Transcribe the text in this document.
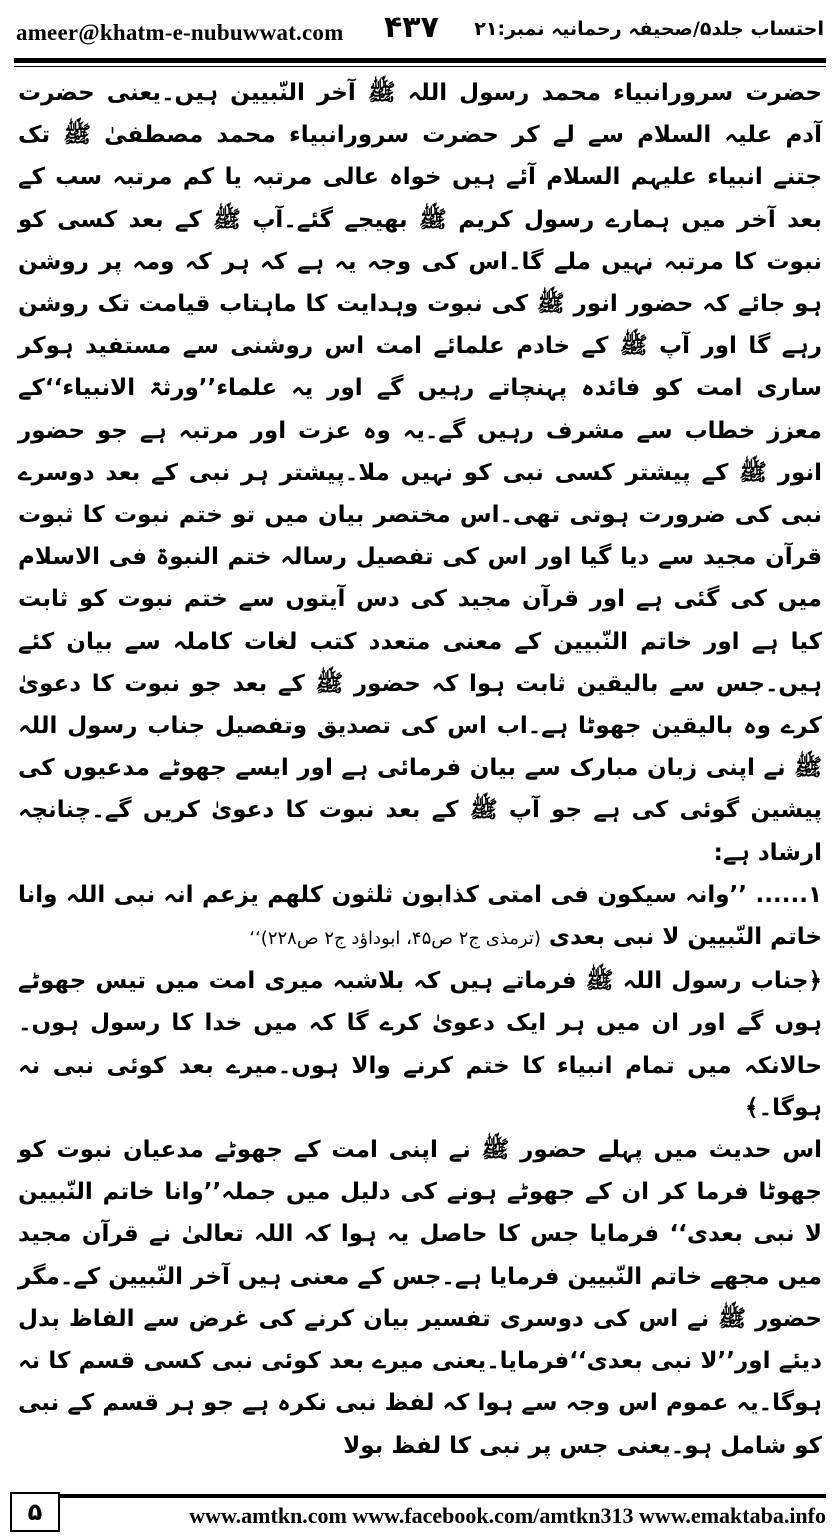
ameer@khatm-e-nubuwwat.com ۴۳۷ احتساب جلد۵/صحیفہ رحمانیہ نمبر:۲۱

حضرت سرورانبیاء محمد رسول اللہ ﷺ آخر النّبیین ہیں۔یعنی حضرت آدم علیہ السلام سے لے کر حضرت سرورانبیاء محمد مصطفیٰ ﷺ تک جتنے انبیاء علیہم السلام آئے ہیں خواہ عالی مرتبہ یا کم مرتبہ سب کے بعد آخر میں ہمارے رسول کریم ﷺ بھیجے گئے۔آپ ﷺ کے بعد کسی کو نبوت کا مرتبہ نہیں ملے گا۔اس کی وجہ یہ ہے کہ ہر کہ ومہ پر روشن ہو جائے کہ حضور انور ﷺ کی نبوت وہدایت کا ماہتاب قیامت تک روشن رہے گا اور آپ ﷺ کے خادم علمائے امت اس روشنی سے مستفید ہوکر ساری امت کو فائدہ پہنچاتے رہیں گے اور یہ علماء’’ورثۃ الانبیاء‘‘کے معزز خطاب سے مشرف رہیں گے۔یہ وہ عزت اور مرتبہ ہے جو حضور انور ﷺ کے پیشتر کسی نبی کو نہیں ملا۔پیشتر ہر نبی کے بعد دوسرے نبی کی ضرورت ہوتی تھی۔اس مختصر بیان میں تو ختم نبوت کا ثبوت قرآن مجید سے دیا گیا اور اس کی تفصیل رسالہ ختم النبوۃ فی الاسلام میں کی گئی ہے اور قرآن مجید کی دس آیتوں سے ختم نبوت کو ثابت کیا ہے اور خاتم النّبیین کے معنی متعدد کتب لغات کاملہ سے بیان کئے ہیں۔جس سے بالیقین ثابت ہوا کہ حضور ﷺ کے بعد جو نبوت کا دعویٰ کرے وہ بالیقین جھوٹا ہے۔اب اس کی تصدیق وتفصیل جناب رسول اللہ ﷺ نے اپنی زبان مبارک سے بیان فرمائی ہے اور ایسے جھوٹے مدعیوں کی پیشین گوئی کی ہے جو آپ ﷺ کے بعد نبوت کا دعویٰ کریں گے۔چنانچہ ارشاد ہے:

۱...... ’’وانہ سیکون فی امتی کذابون ثلثون کلھم یزعم انہ نبی اللہ وانا خاتم النّبیین لا نبی بعدی (ترمذی ج۲ ص۴۵، ابوداؤد ج۲ ص۲۲۸)‘‘

﴿جناب رسول اللہ ﷺ فرماتے ہیں کہ بلاشبہ میری امت میں تیس جھوٹے ہوں گے اور ان میں ہر ایک دعویٰ کرے گا کہ میں خدا کا رسول ہوں۔حالانکہ میں تمام انبیاء کا ختم کرنے والا ہوں۔میرے بعد کوئی نبی نہ ہوگا۔﴾

اس حدیث میں پہلے حضور ﷺ نے اپنی امت کے جھوٹے مدعیان نبوت کو جھوٹا فرما کر ان کے جھوٹے ہونے کی دلیل میں جملہ’’وانا خاتم النّبیین لا نبی بعدی‘‘ فرمایا جس کا حاصل یہ ہوا کہ اللہ تعالیٰ نے قرآن مجید میں مجھے خاتم النّبیین فرمایا ہے۔جس کے معنی ہیں آخر النّبیین کے۔مگر حضور ﷺ نے اس کی دوسری تفسیر بیان کرنے کی غرض سے الفاظ بدل دیئے اور’’لا نبی بعدی‘‘فرمایا۔یعنی میرے بعد کوئی نبی کسی قسم کا نہ ہوگا۔یہ عموم اس وجہ سے ہوا کہ لفظ نبی نکرہ ہے جو ہر قسم کے نبی کو شامل ہو۔یعنی جس پر نبی کا لفظ بولا

۵	www.amtkn.com www.facebook.com/amtkn313 www.emaktaba.info
